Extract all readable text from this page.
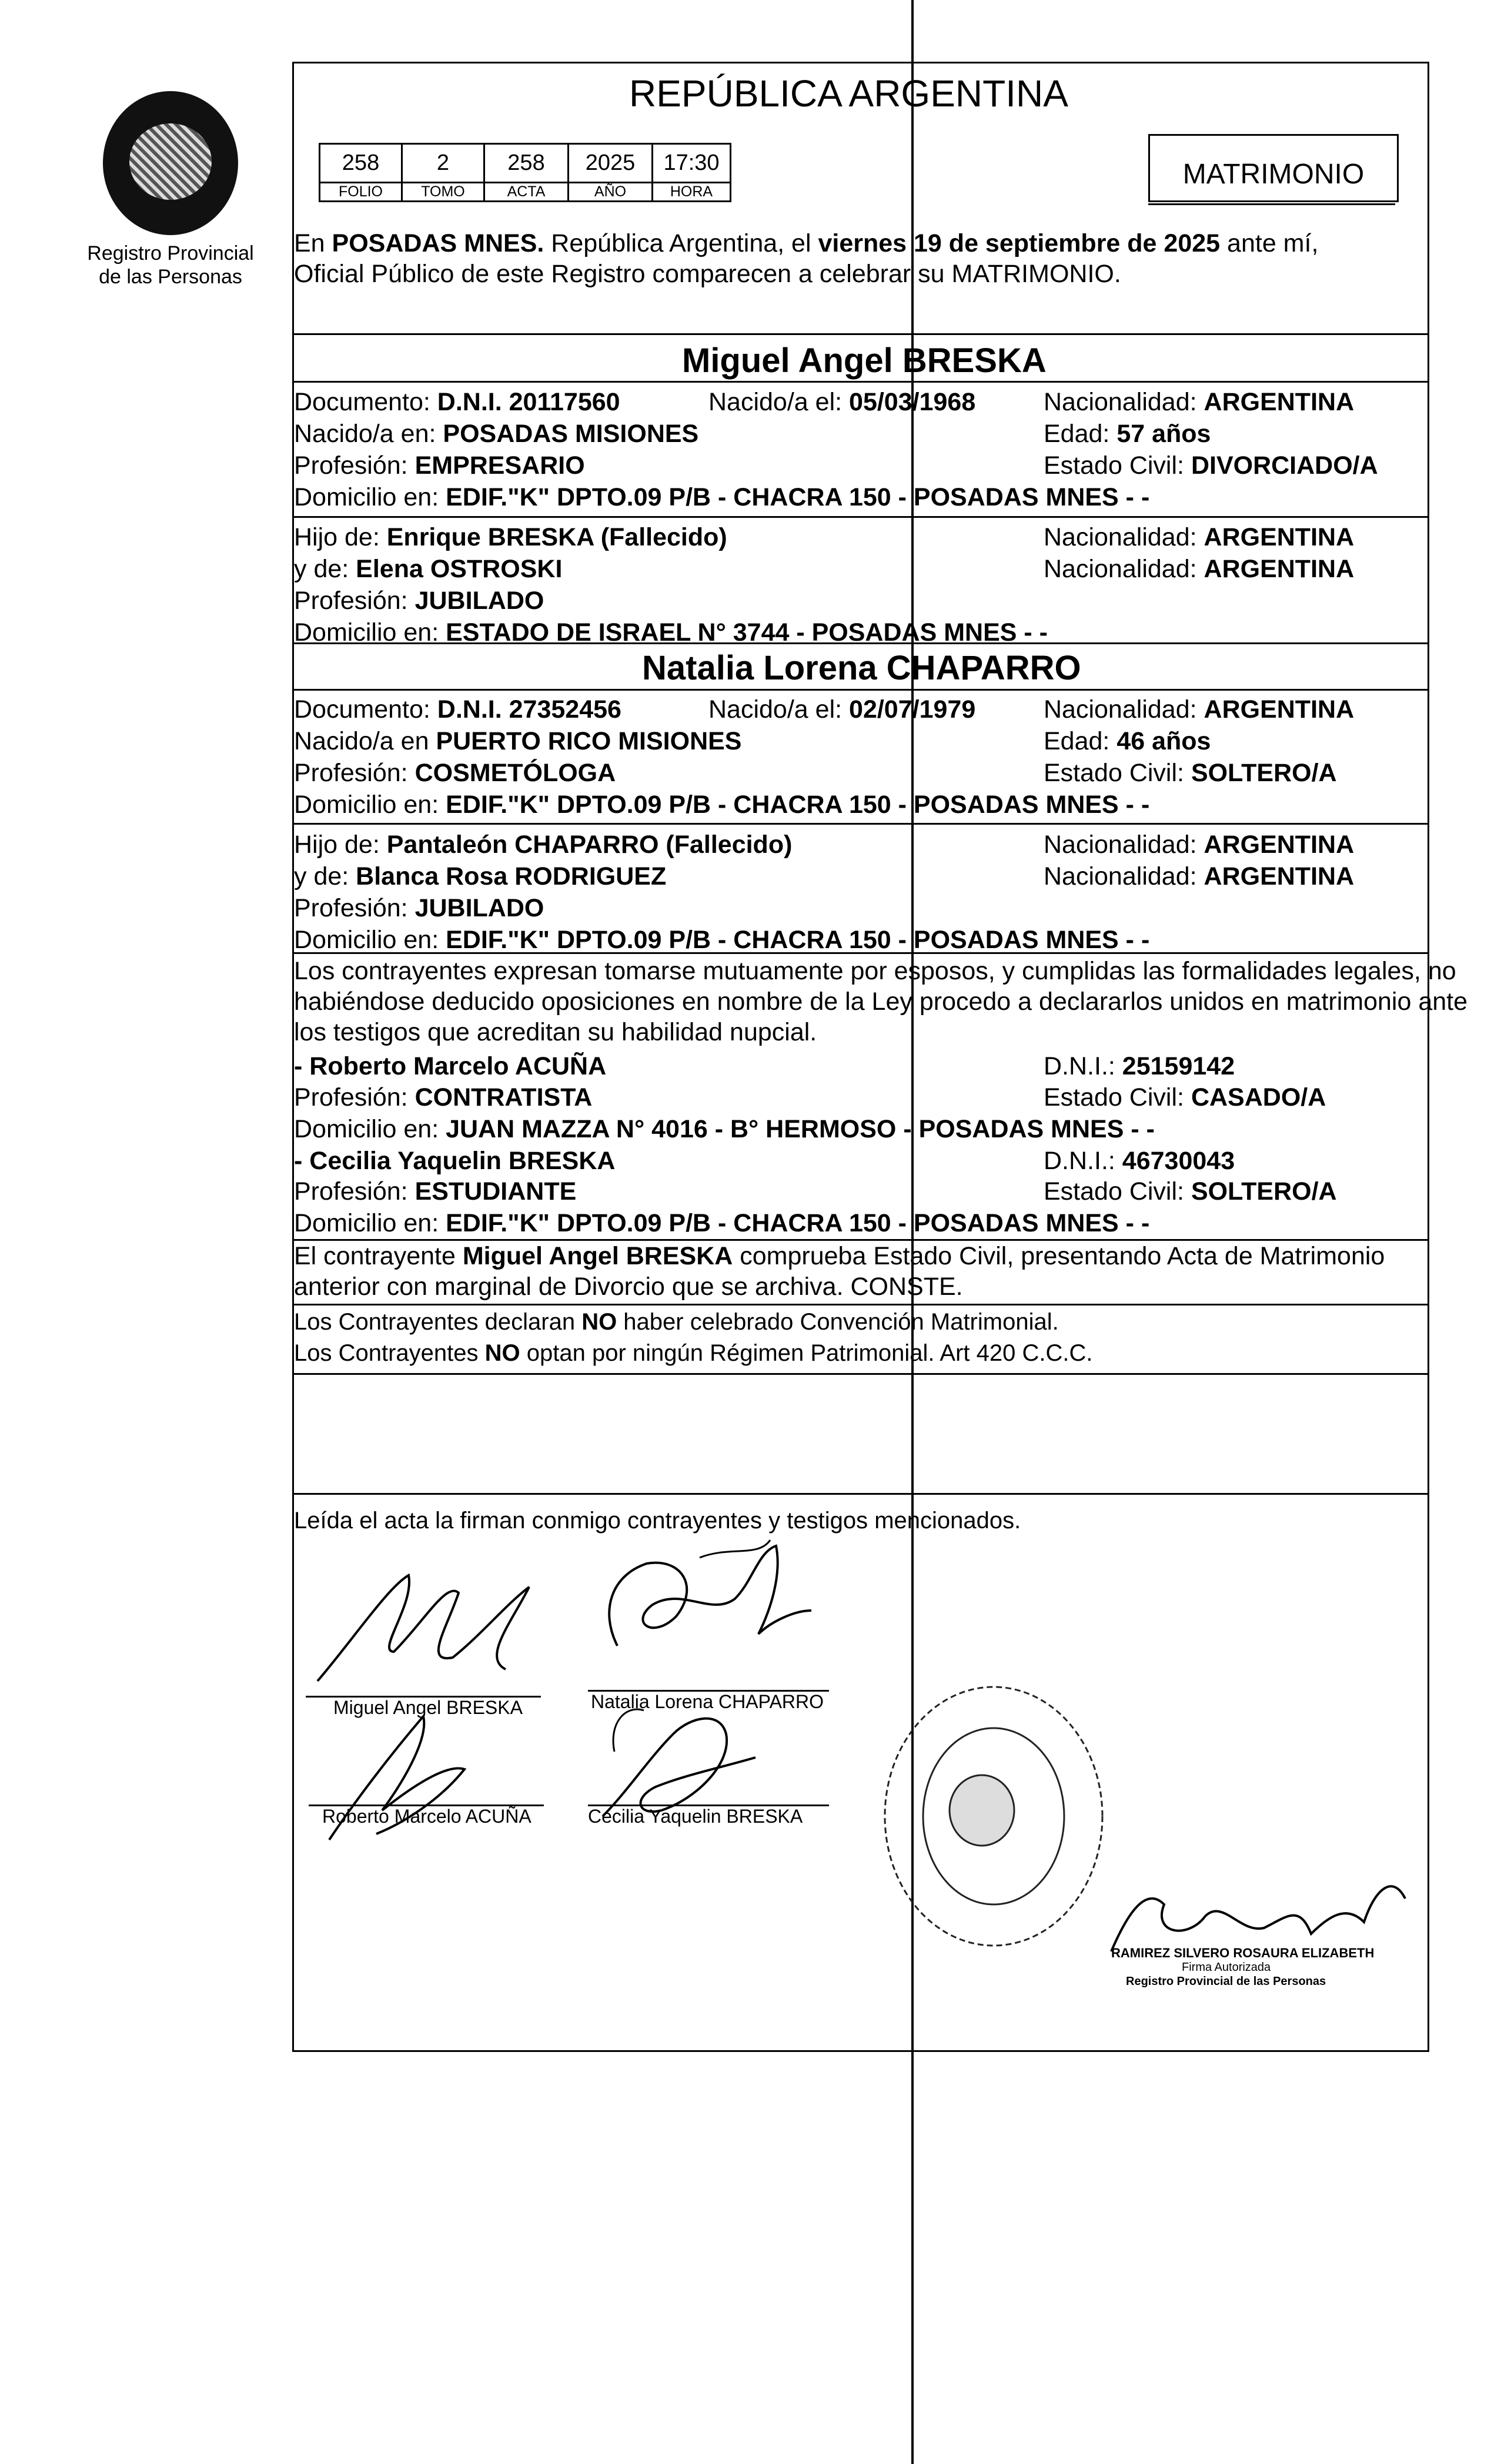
Registro Provincial
de las Personas
REPÚBLICA ARGENTINA
258	2	258	2025	17:30
FOLIO	TOMO	ACTA	AÑO	HORA
MATRIMONIO
En POSADAS MNES. República Argentina, el viernes 19 de septiembre de 2025 ante mí,
Oficial Público de este Registro comparecen a celebrar su MATRIMONIO.
Miguel Angel BRESKA
Documento: D.N.I. 20117560	Nacido/a el: 05/03/1968	Nacionalidad: ARGENTINA
Nacido/a en: POSADAS MISIONES	Edad: 57 años
Profesión: EMPRESARIO	Estado Civil: DIVORCIADO/A
Domicilio en: EDIF."K" DPTO.09 P/B - CHACRA 150 - POSADAS MNES - -
Hijo de: Enrique BRESKA (Fallecido)	Nacionalidad: ARGENTINA
y de: Elena OSTROSKI	Nacionalidad: ARGENTINA
Profesión: JUBILADO
Domicilio en: ESTADO DE ISRAEL N° 3744 - POSADAS MNES - -
Natalia Lorena CHAPARRO
Documento: D.N.I. 27352456	Nacido/a el: 02/07/1979	Nacionalidad: ARGENTINA
Nacido/a en PUERTO RICO MISIONES	Edad: 46 años
Profesión: COSMETÓLOGA	Estado Civil: SOLTERO/A
Domicilio en: EDIF."K" DPTO.09 P/B - CHACRA 150 - POSADAS MNES - -
Hijo de: Pantaleón CHAPARRO (Fallecido)	Nacionalidad: ARGENTINA
y de: Blanca Rosa RODRIGUEZ	Nacionalidad: ARGENTINA
Profesión: JUBILADO
Domicilio en: EDIF."K" DPTO.09 P/B - CHACRA 150 - POSADAS MNES - -
Los contrayentes expresan tomarse mutuamente por esposos, y cumplidas las formalidades legales, no
habiéndose deducido oposiciones en nombre de la Ley procedo a declararlos unidos en matrimonio ante
los testigos que acreditan su habilidad nupcial.
- Roberto Marcelo ACUÑA	D.N.I.: 25159142
Profesión: CONTRATISTA	Estado Civil: CASADO/A
Domicilio en: JUAN MAZZA N° 4016 - B° HERMOSO - POSADAS MNES - -
- Cecilia Yaquelin BRESKA	D.N.I.: 46730043
Profesión: ESTUDIANTE	Estado Civil: SOLTERO/A
Domicilio en: EDIF."K" DPTO.09 P/B - CHACRA 150 - POSADAS MNES - -
El contrayente Miguel Angel BRESKA comprueba Estado Civil, presentando Acta de Matrimonio
anterior con marginal de Divorcio que se archiva. CONSTE.
Los Contrayentes declaran NO haber celebrado Convención Matrimonial.
Los Contrayentes NO optan por ningún Régimen Patrimonial. Art 420 C.C.C.
Leída el acta la firman conmigo contrayentes y testigos mencionados.
Miguel Angel BRESKA	Natalia Lorena CHAPARRO
Roberto Marcelo ACUÑA	Cecilia Yaquelin BRESKA
RAMIREZ SILVERO ROSAURA ELIZABETH
Firma Autorizada
Registro Provincial de las Personas
